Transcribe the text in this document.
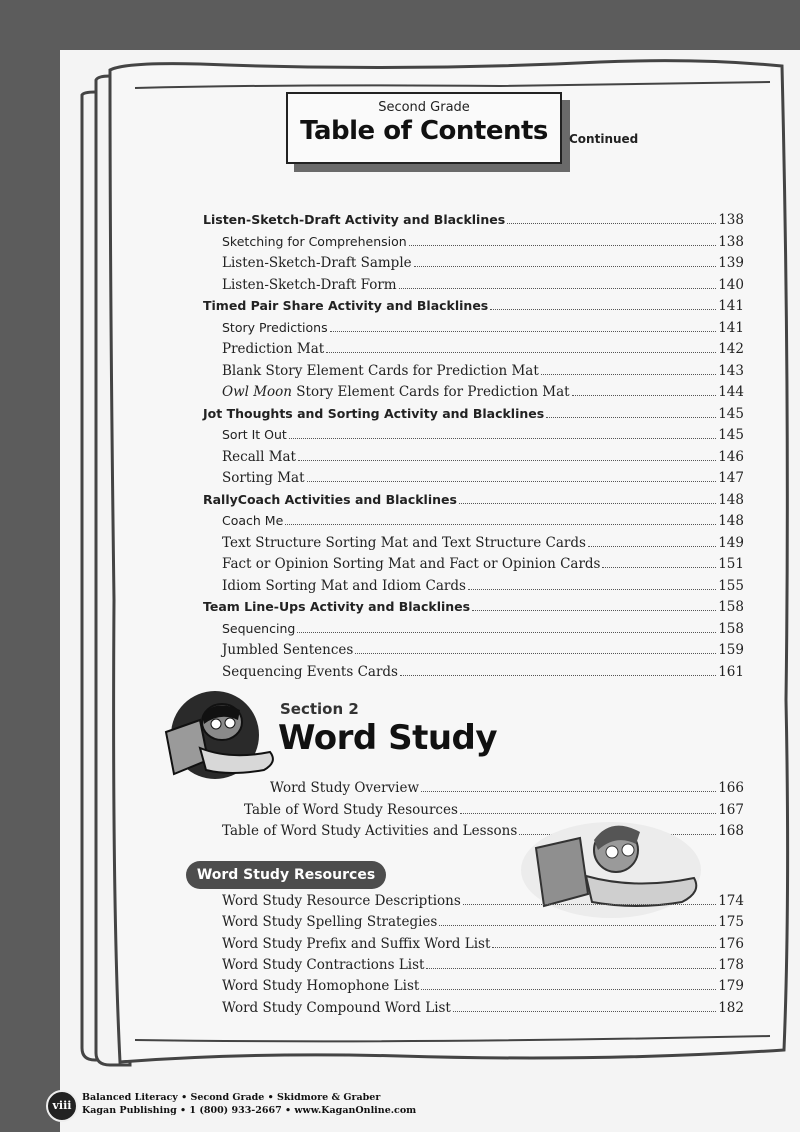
Second Grade
Table of Contents	Continued
Listen-Sketch-Draft Activity and Blacklines	138
Sketching for Comprehension	138
Listen-Sketch-Draft Sample	139
Listen-Sketch-Draft Form	140
Timed Pair Share Activity and Blacklines	141
Story Predictions	141
Prediction Mat	142
Blank Story Element Cards for Prediction Mat	143
Owl Moon Story Element Cards for Prediction Mat	144
Jot Thoughts and Sorting Activity and Blacklines	145
Sort It Out	145
Recall Mat	146
Sorting Mat	147
RallyCoach Activities and Blacklines	148
Coach Me	148
Text Structure Sorting Mat and Text Structure Cards	149
Fact or Opinion Sorting Mat and Fact or Opinion Cards	151
Idiom Sorting Mat and Idiom Cards	155
Team Line-Ups Activity and Blacklines	158
Sequencing	158
Jumbled Sentences	159
Sequencing Events Cards	161
Section 2
Word Study
Word Study Overview	166
Table of Word Study Resources	167
Table of Word Study Activities and Lessons	168
Word Study Resources
Word Study Resource Descriptions	174
Word Study Spelling Strategies	175
Word Study Prefix and Suffix Word List	176
Word Study Contractions List	178
Word Study Homophone List	179
Word Study Compound Word List	182
viii
Balanced Literacy • Second Grade • Skidmore & Graber
Kagan Publishing • 1 (800) 933-2667 • www.KaganOnline.com
